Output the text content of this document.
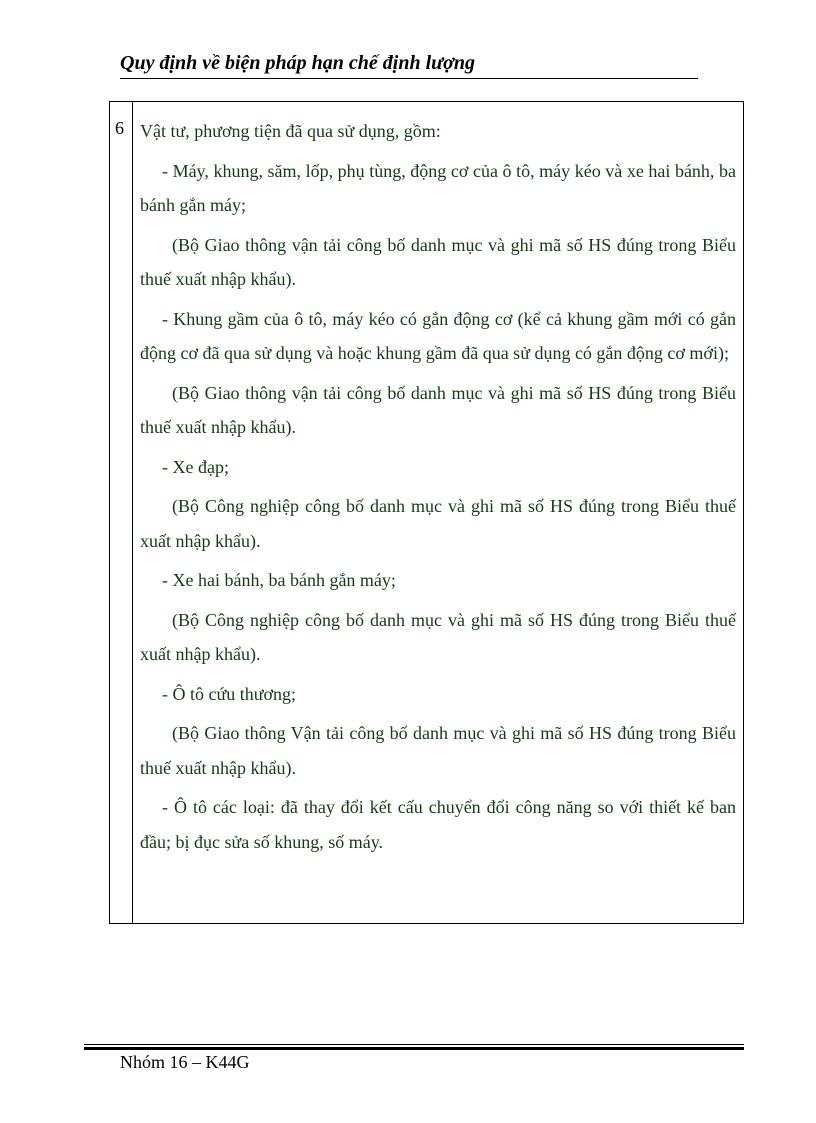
Quy định về biện pháp hạn chế định lượng
6 Vật tư, phương tiện đã qua sử dụng, gồm:

- Máy, khung, săm, lốp, phụ tùng, động cơ của ô tô, máy kéo và xe hai bánh, ba bánh gắn máy;

(Bộ Giao thông vận tải công bố danh mục và ghi mã số HS đúng trong Biểu thuế xuất nhập khẩu).

- Khung gầm của ô tô, máy kéo có gắn động cơ (kể cả khung gầm mới có gắn động cơ đã qua sử dụng và hoặc khung gầm đã qua sử dụng có gắn động cơ mới);

(Bộ Giao thông vận tải công bố danh mục và ghi mã số HS đúng trong Biểu thuế xuất nhập khẩu).

- Xe đạp;

(Bộ Công nghiệp công bố danh mục và ghi mã số HS đúng trong Biểu thuế xuất nhập khẩu).

- Xe hai bánh, ba bánh gắn máy;

(Bộ Công nghiệp công bố danh mục và ghi mã số HS đúng trong Biểu thuế xuất nhập khẩu).

- Ô tô cứu thương;

(Bộ Giao thông Vận tải công bố danh mục và ghi mã số HS đúng trong Biểu thuế xuất nhập khẩu).

- Ô tô các loại: đã thay đổi kết cấu chuyển đổi công năng so với thiết kế ban đầu; bị đục sửa số khung, số máy.

Nhóm 16 – K44G
